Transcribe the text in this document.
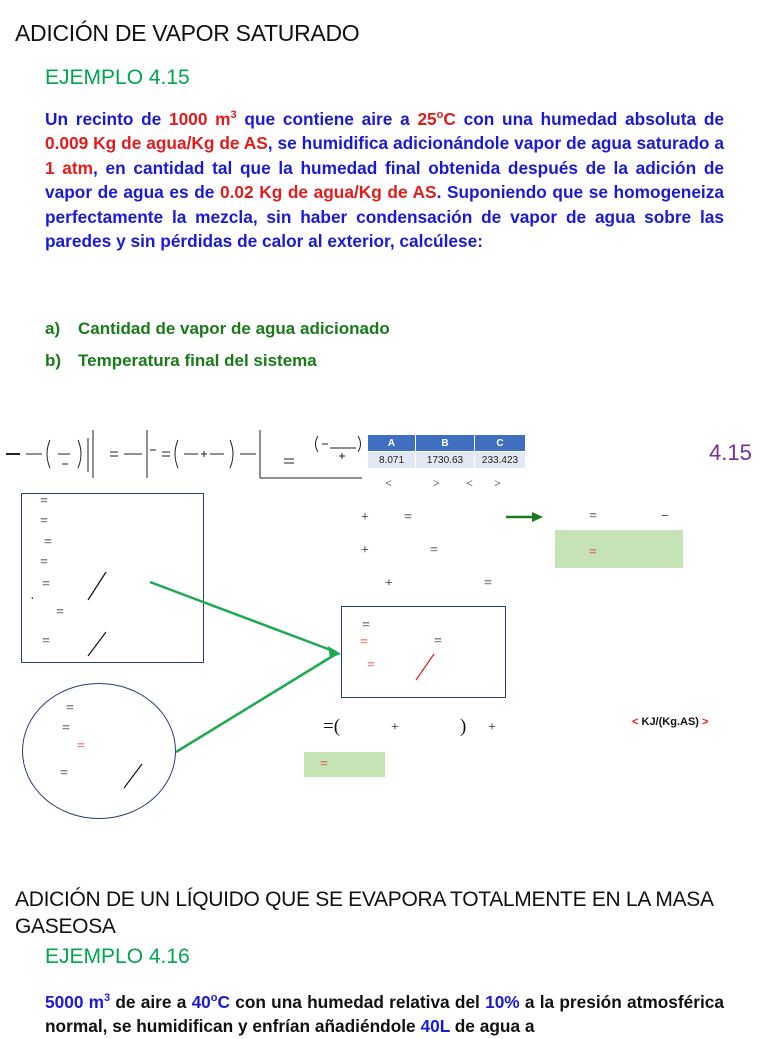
ADICIÓN DE VAPOR SATURADO
EJEMPLO 4.15
Un recinto de 1000 $m^3$ que contiene aire a 25$^o$C con una humedad absoluta de 0.009 Kg de agua/Kg de AS, se humidifica adicionándole vapor de agua saturado a 1 atm, en cantidad tal que la humedad final obtenida después de la adición de vapor de agua es de 0.02 Kg de agua/Kg de AS. Suponiendo que se homogeneiza perfectamente la mezcla, sin haber condensación de vapor de agua sobre las paredes y sin pérdidas de calor al exterior, calcúlese:
a) Cantidad de vapor de agua adicionado
b) Temperatura final del sistema
A	B	C
8.071	1730.63	233.423	4.15
<	> < >
=
=
=
=
=
·
=
=
=
=
=
=
+	=
+	=
+	=
=	−
=
=
=	=
=
=(	+	) +	< KJ/(Kg.AS) >
=
ADICIÓN DE UN LÍQUIDO QUE SE EVAPORA TOTALMENTE EN LA MASA GASEOSA
EJEMPLO 4.16
5000 $m^3$ de aire a 40$^o$C con una humedad relativa del 10% a la presión atmosférica normal, se humidifican y enfrían añadiéndole 40L de agua a
